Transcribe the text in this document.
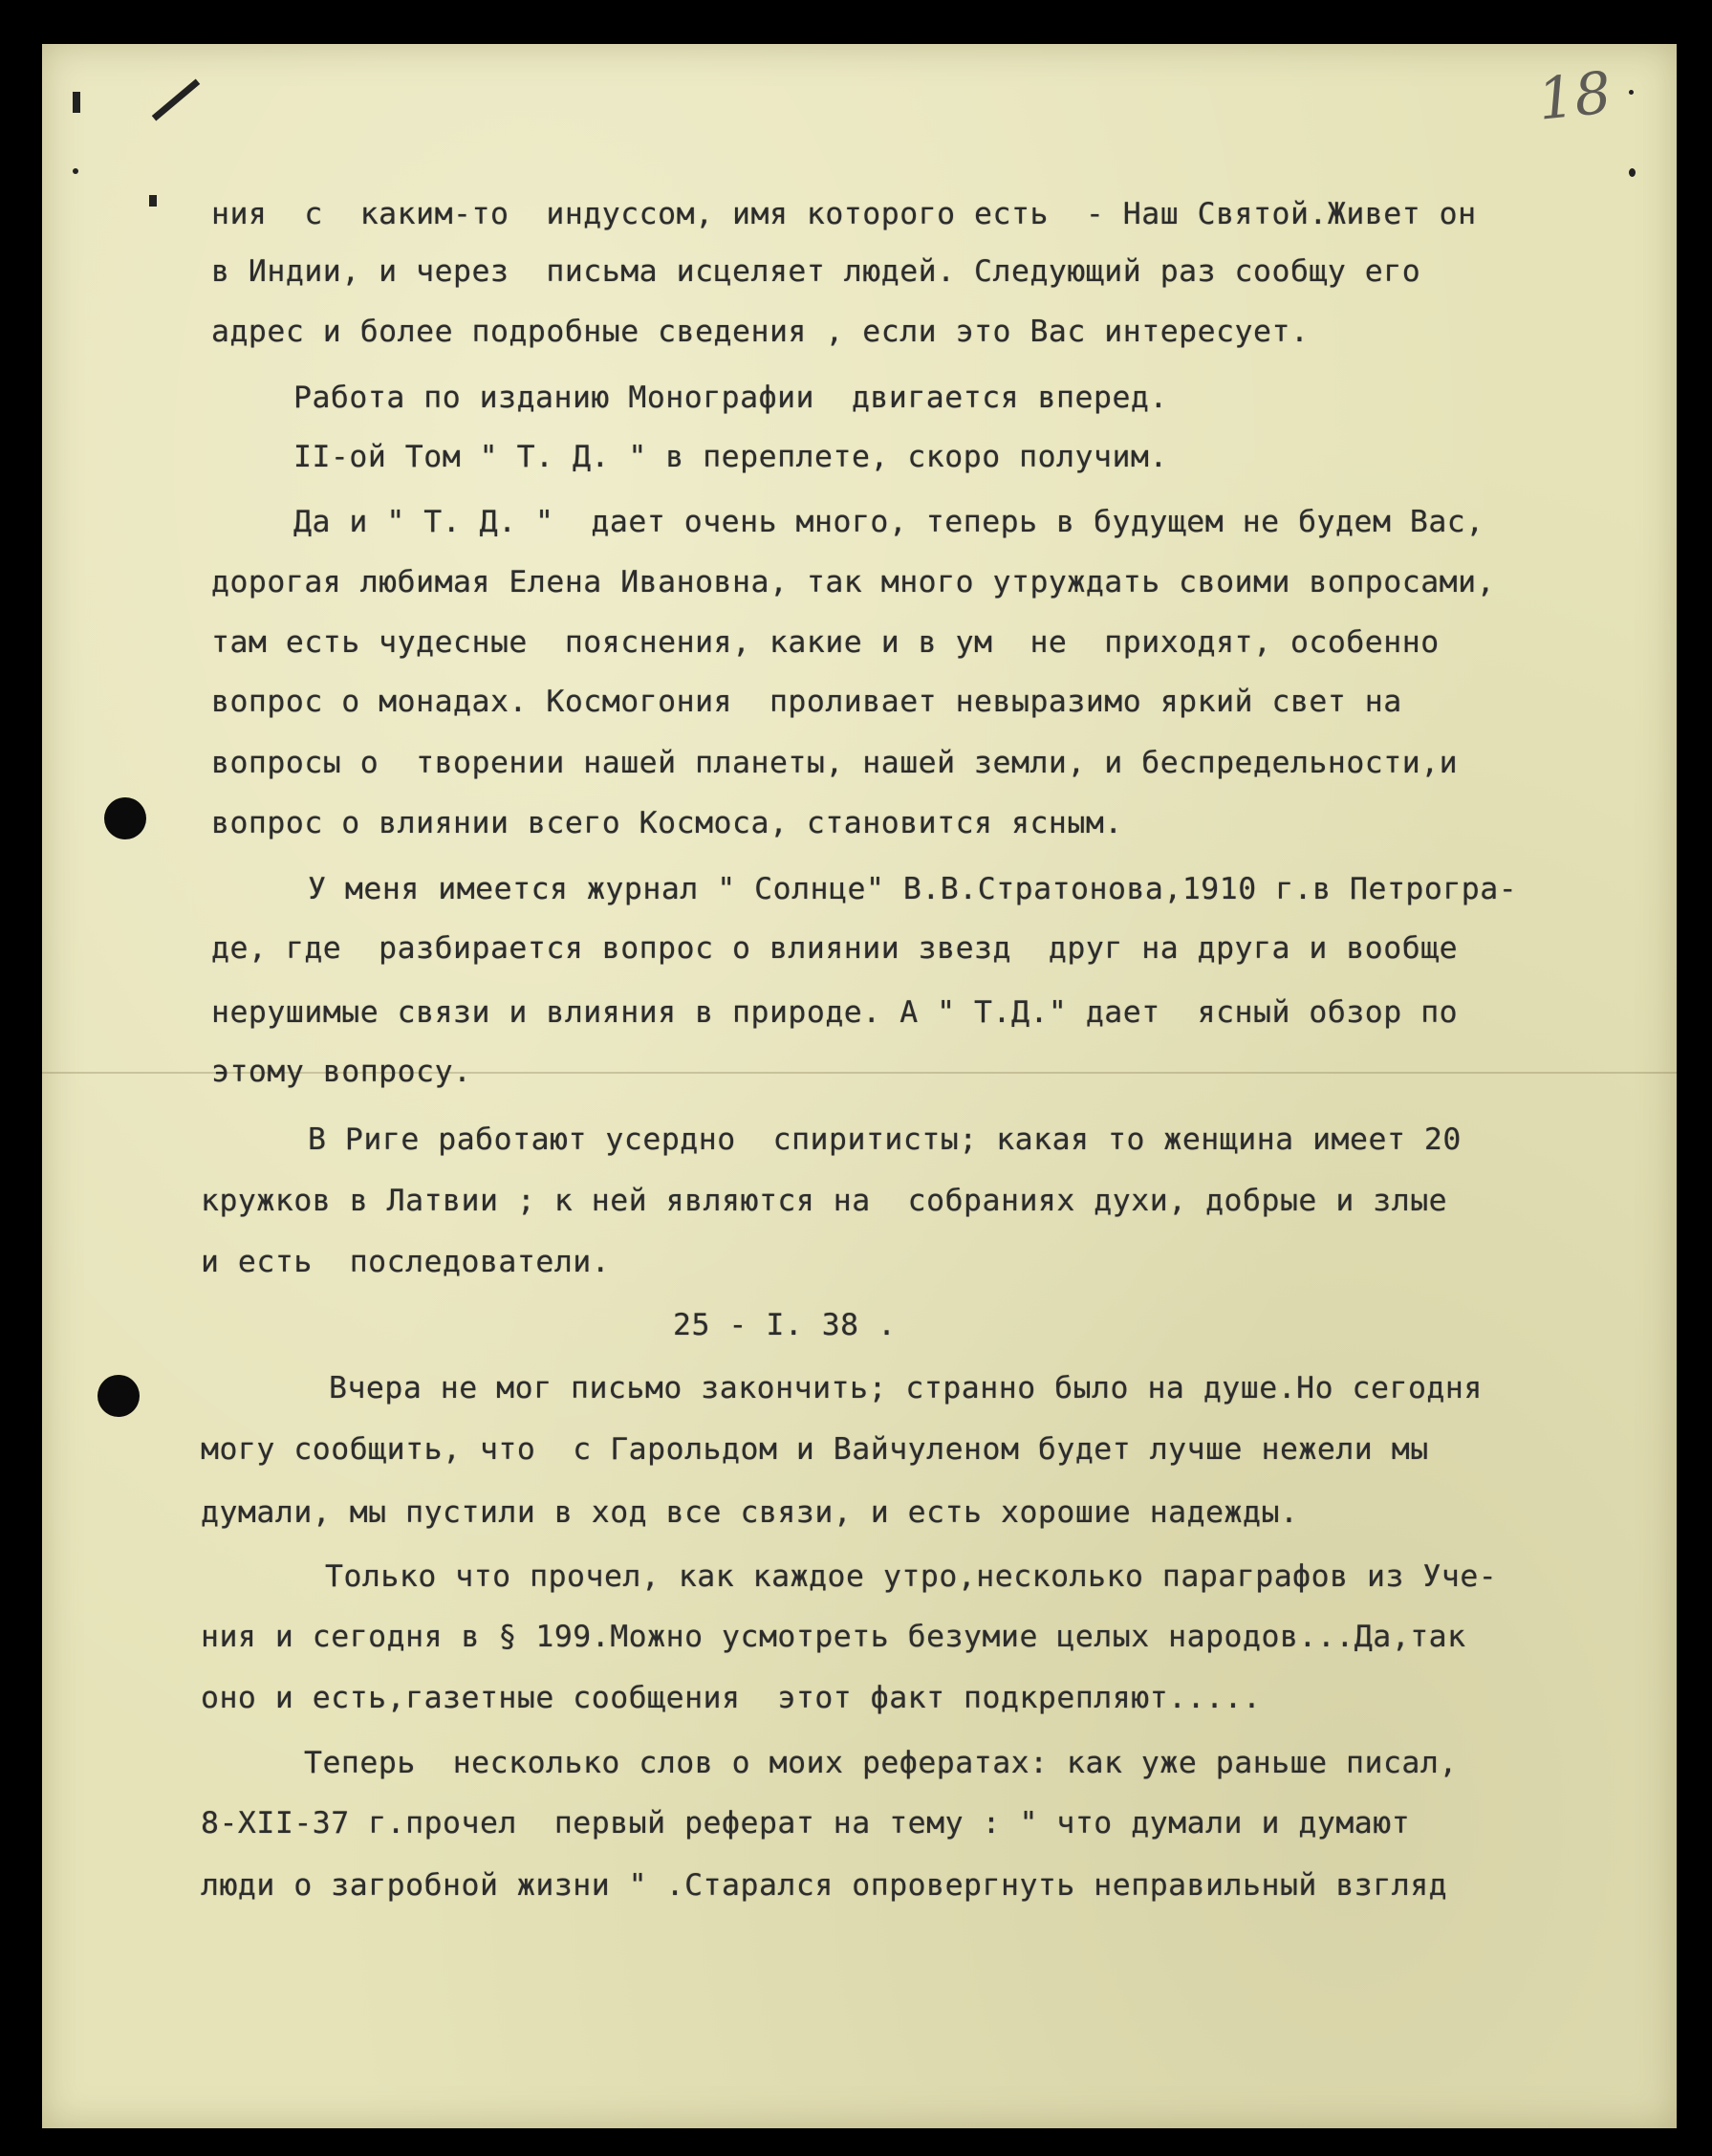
18
ния  с  каким-то  индуссом, имя которого есть  - Наш Святой.Живет он
в Индии, и через  письма исцеляет людей. Следующий раз сообщу его
адрес и более подробные сведения , если это Вас интересует.
Работа по изданию Монографии  двигается вперед.
II-ой Том " Т. Д. " в переплете, скоро получим.
Да и " Т. Д. "  дает очень много, теперь в будущем не будем Вас,
дорогая любимая Елена Ивановна, так много утруждать своими вопросами,
там есть чудесные  пояснения, какие и в ум  не  приходят, особенно
вопрос о монадах. Космогония  проливает невыразимо яркий свет на
вопросы о  творении нашей планеты, нашей земли, и беспредельности,и
вопрос о влиянии всего Космоса, становится ясным.
У меня имеется журнал " Солнце" В.В.Стратонова,1910 г.в Петрогра-
де, где  разбирается вопрос о влиянии звезд  друг на друга и вообще
нерушимые связи и влияния в природе. А " Т.Д." дает  ясный обзор по
этому вопросу.
В Риге работают усердно  спиритисты; какая то женщина имеет 20
кружков в Латвии ; к ней являются на  собраниях духи, добрые и злые
и есть  последователи.
25 - I. 38 .
Вчера не мог письмо закончить; странно было на душе.Но сегодня
могу сообщить, что  с Гарольдом и Вайчуленом будет лучше нежели мы
думали, мы пустили в ход все связи, и есть хорошие надежды.
Только что прочел, как каждое утро,несколько параграфов из Уче-
ния и сегодня в § 199.Можно усмотреть безумие целых народов...Да,так
оно и есть,газетные сообщения  этот факт подкрепляют.....
Теперь  несколько слов о моих рефератах: как уже раньше писал,
8-XII-37 г.прочел  первый реферат на тему : " что думали и думают
люди о загробной жизни " .Старался опровергнуть неправильный взгляд
